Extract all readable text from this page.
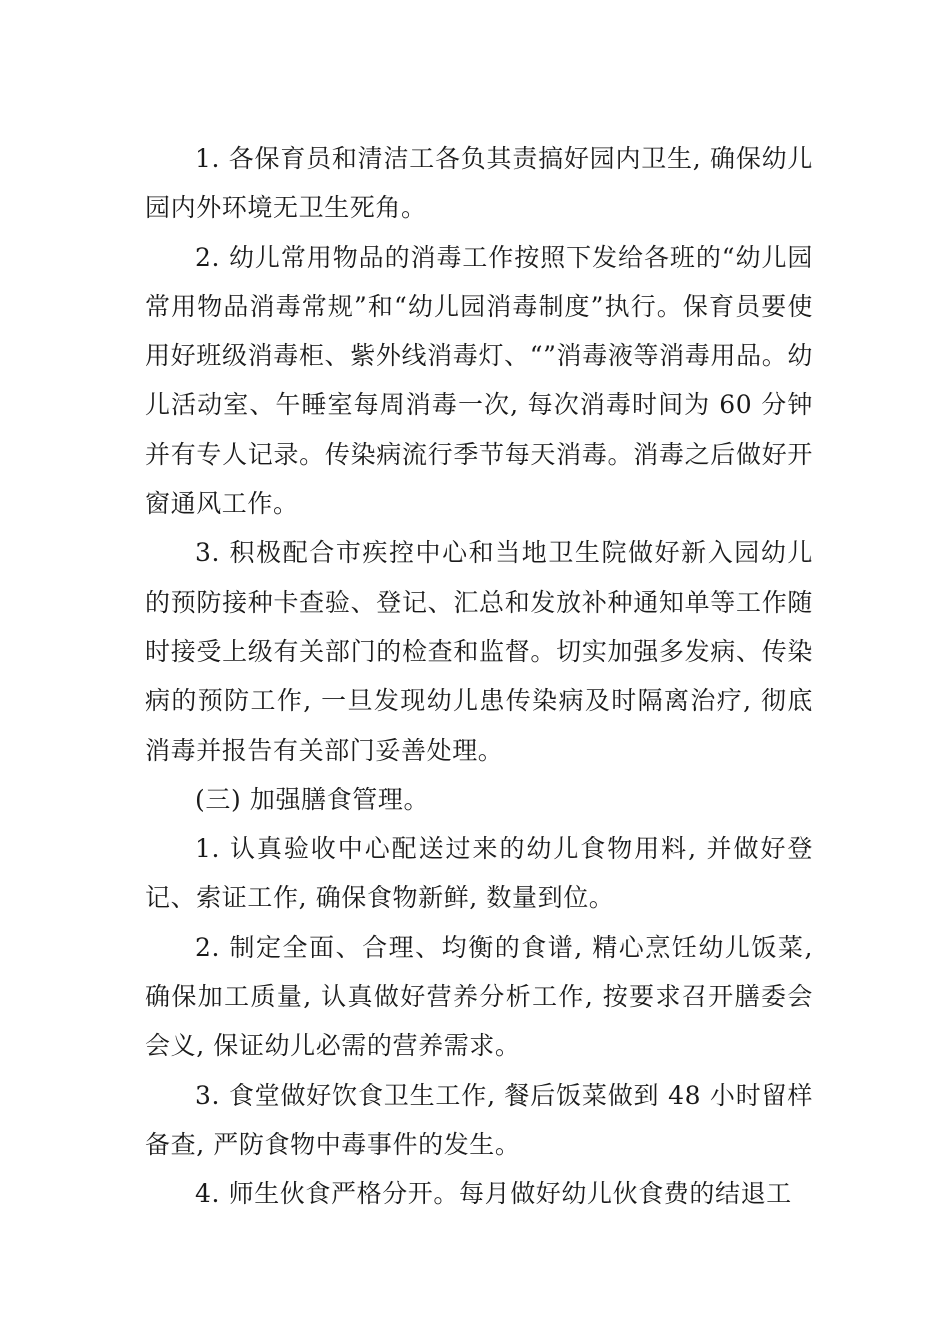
1. 各保育员和清洁工各负其责搞好园内卫生, 确保幼儿园内外环境无卫生死角。

2. 幼儿常用物品的消毒工作按照下发给各班的“幼儿园常用物品消毒常规”和“幼儿园消毒制度”执行。保育员要使用好班级消毒柜、紫外线消毒灯、“”消毒液等消毒用品。幼儿活动室、午睡室每周消毒一次, 每次消毒时间为 60 分钟并有专人记录。传染病流行季节每天消毒。消毒之后做好开窗通风工作。

3. 积极配合市疾控中心和当地卫生院做好新入园幼儿的预防接种卡查验、登记、汇总和发放补种通知单等工作随时接受上级有关部门的检查和监督。切实加强多发病、传染病的预防工作, 一旦发现幼儿患传染病及时隔离治疗, 彻底消毒并报告有关部门妥善处理。

(三) 加强膳食管理。

1. 认真验收中心配送过来的幼儿食物用料, 并做好登记、索证工作, 确保食物新鲜, 数量到位。

2. 制定全面、合理、均衡的食谱, 精心烹饪幼儿饭菜, 确保加工质量, 认真做好营养分析工作, 按要求召开膳委会会义, 保证幼儿必需的营养需求。

3. 食堂做好饮食卫生工作, 餐后饭菜做到 48 小时留样备查, 严防食物中毒事件的发生。

4. 师生伙食严格分开。每月做好幼儿伙食费的结退工
